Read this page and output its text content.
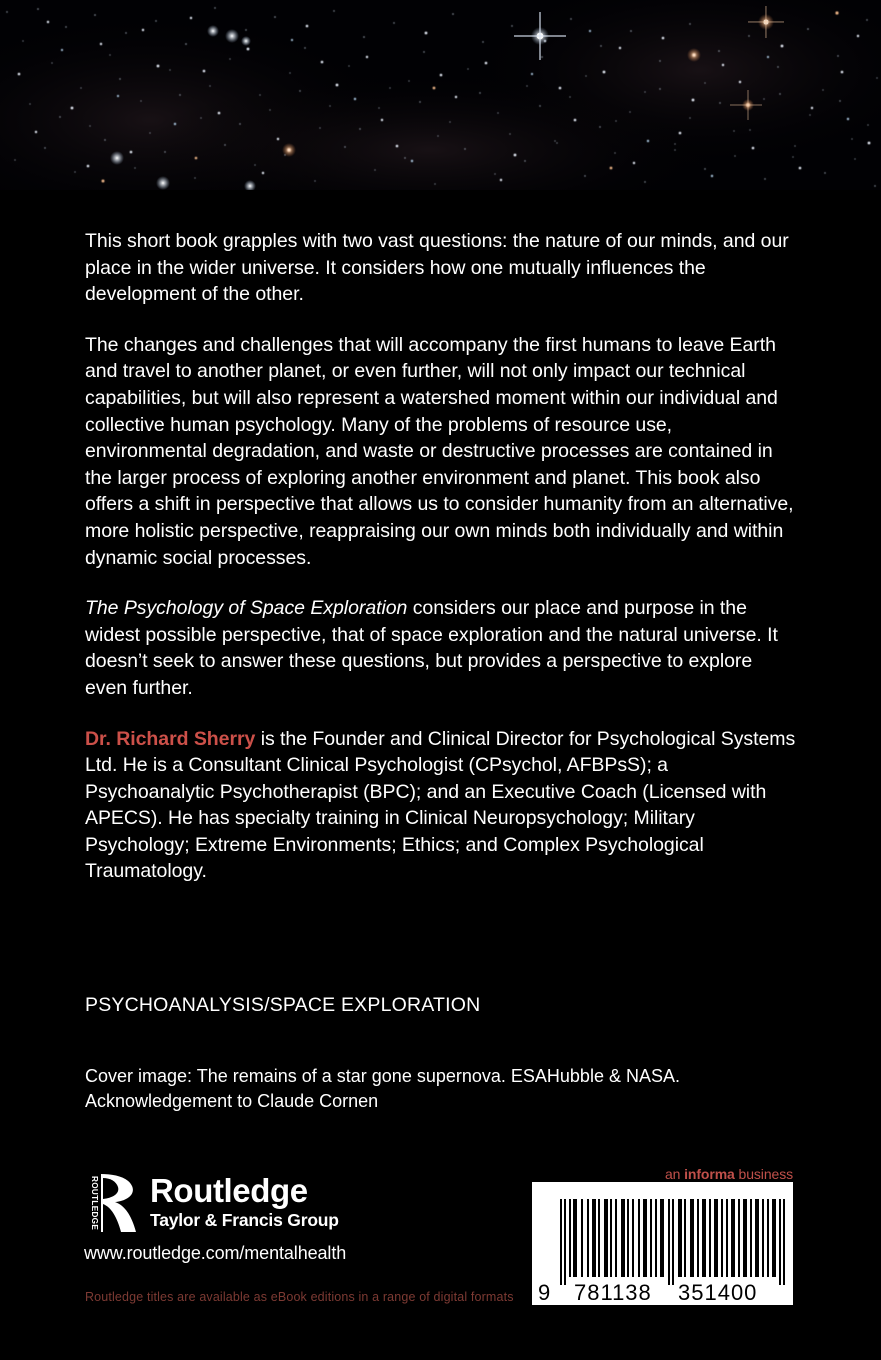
This short book grapples with two vast questions: the nature of our minds, and our place in the wider universe. It considers how one mutually influences the development of the other.

The changes and challenges that will accompany the first humans to leave Earth and travel to another planet, or even further, will not only impact our technical capabilities, but will also represent a watershed moment within our individual and collective human psychology. Many of the problems of resource use, environmental degradation, and waste or destructive processes are contained in the larger process of exploring another environment and planet. This book also offers a shift in perspective that allows us to consider humanity from an alternative, more holistic perspective, reappraising our own minds both individually and within dynamic social processes.

The Psychology of Space Exploration considers our place and purpose in the widest possible perspective, that of space exploration and the natural universe. It doesn’t seek to answer these questions, but provides a perspective to explore even further.

Dr. Richard Sherry is the Founder and Clinical Director for Psychological Systems Ltd. He is a Consultant Clinical Psychologist (CPsychol, AFBPsS); a Psychoanalytic Psychotherapist (BPC); and an Executive Coach (Licensed with APECS). He has specialty training in Clinical Neuropsychology; Military Psychology; Extreme Environments; Ethics; and Complex Psychological Traumatology.

PSYCHOANALYSIS/SPACE EXPLORATION
Cover image: The remains of a star gone supernova. ESAHubble & NASA. Acknowledgement to Claude Cornen
ROUTLEDGE Routledge
Taylor & Francis Group
www.routledge.com/mentalhealth
Routledge titles are available as eBook editions in a range of digital formats
an informa business
9 781138 351400
